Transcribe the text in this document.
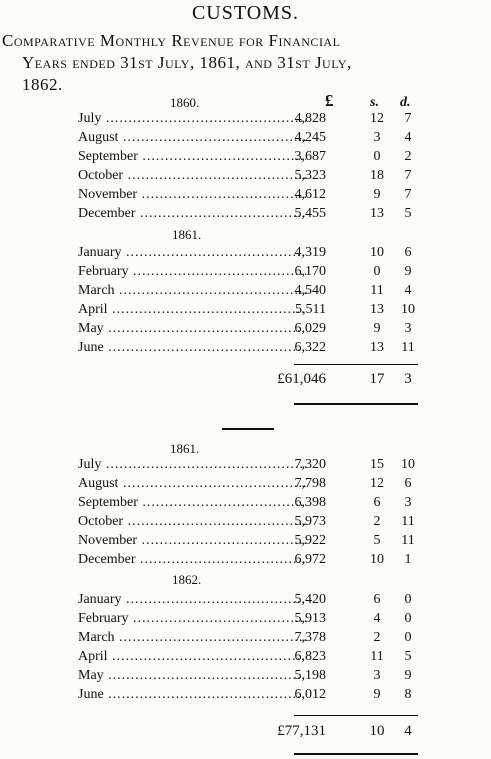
CUSTOMS.
Comparative Monthly Revenue for Financial
Years ended 31st July, 1861, and 31st July,
1862.
£	s. d.
1860.
July .....	4,828	12	7
August .....	4,245	3	4
September .....	3,687	0	2
October .....	5,323	18	7
November .....	4,612	9	7
December .....	5,455	13	5
1861.
January .....	4,319	10	6
February .....	6,170	0	9
March .....	4,540	11	4
April .....	5,511	13	10
May .....	6,029	9	3
June .....	6,322	13	11
£61,046	17	3
1861.
July .....	7,320	15	10
August .....	7,798	12	6
September .....	6,398	6	3
October .....	5,973	2	11
November .....	5,922	5	11
December .....	6,972	10	1
1862.
January .....	5,420	6	0
February .....	5,913	4	0
March .....	7,378	2	0
April .....	6,823	11	5
May .....	5,198	3	9
June .....	6,012	9	8
£77,131	10	4
